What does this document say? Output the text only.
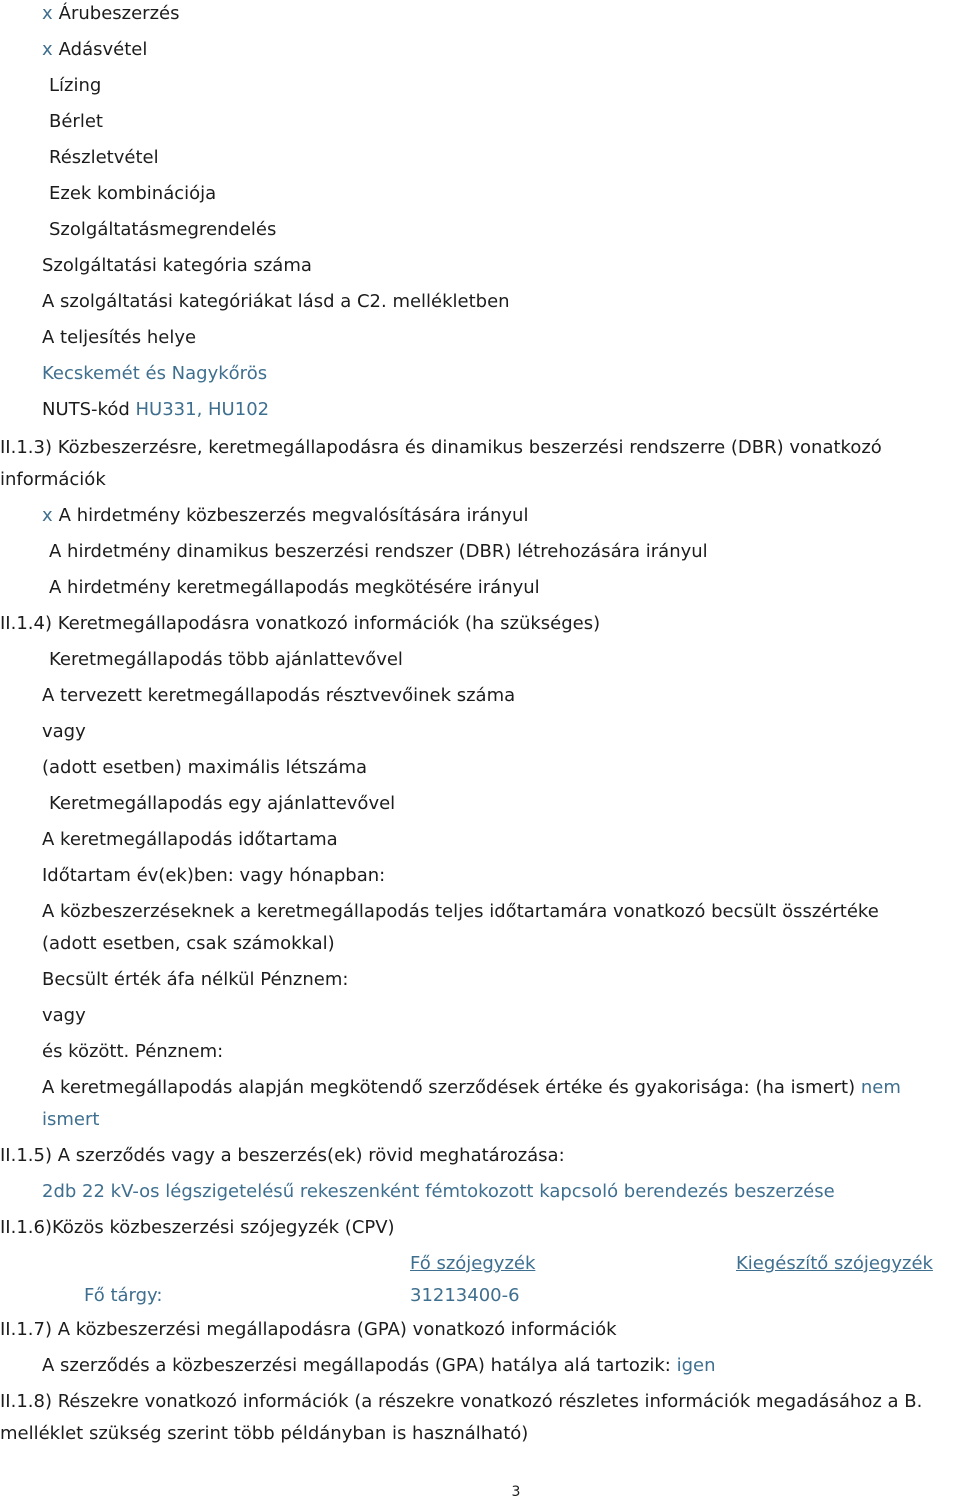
x Árubeszerzés
x Adásvétel
Lízing
Bérlet
Részletvétel
Ezek kombinációja
Szolgáltatásmegrendelés
Szolgáltatási kategória száma
A szolgáltatási kategóriákat lásd a C2. mellékletben
A teljesítés helye
Kecskemét és Nagykőrös
NUTS-kód HU331, HU102
II.1.3) Közbeszerzésre, keretmegállapodásra és dinamikus beszerzési rendszerre (DBR) vonatkozó
információk
x A hirdetmény közbeszerzés megvalósítására irányul
A hirdetmény dinamikus beszerzési rendszer (DBR) létrehozására irányul
A hirdetmény keretmegállapodás megkötésére irányul
II.1.4) Keretmegállapodásra vonatkozó információk (ha szükséges)
Keretmegállapodás több ajánlattevővel
A tervezett keretmegállapodás résztvevőinek száma
vagy
(adott esetben) maximális létszáma
Keretmegállapodás egy ajánlattevővel
A keretmegállapodás időtartama
Időtartam év(ek)ben: vagy hónapban:
A közbeszerzéseknek a keretmegállapodás teljes időtartamára vonatkozó becsült összértéke
(adott esetben, csak számokkal)
Becsült érték áfa nélkül Pénznem:
vagy
és között. Pénznem:
A keretmegállapodás alapján megkötendő szerződések értéke és gyakorisága: (ha ismert) nem
ismert
II.1.5) A szerződés vagy a beszerzés(ek) rövid meghatározása:
2db 22 kV-os légszigetelésű rekeszenként fémtokozott kapcsoló berendezés beszerzése
II.1.6)Közös közbeszerzési szójegyzék (CPV)
Fő szójegyzék	Kiegészítő szójegyzék
Fő tárgy:	31213400-6
II.1.7) A közbeszerzési megállapodásra (GPA) vonatkozó információk
A szerződés a közbeszerzési megállapodás (GPA) hatálya alá tartozik: igen
II.1.8) Részekre vonatkozó információk (a részekre vonatkozó részletes információk megadásához a B.
melléklet szükség szerint több példányban is használható)
3
